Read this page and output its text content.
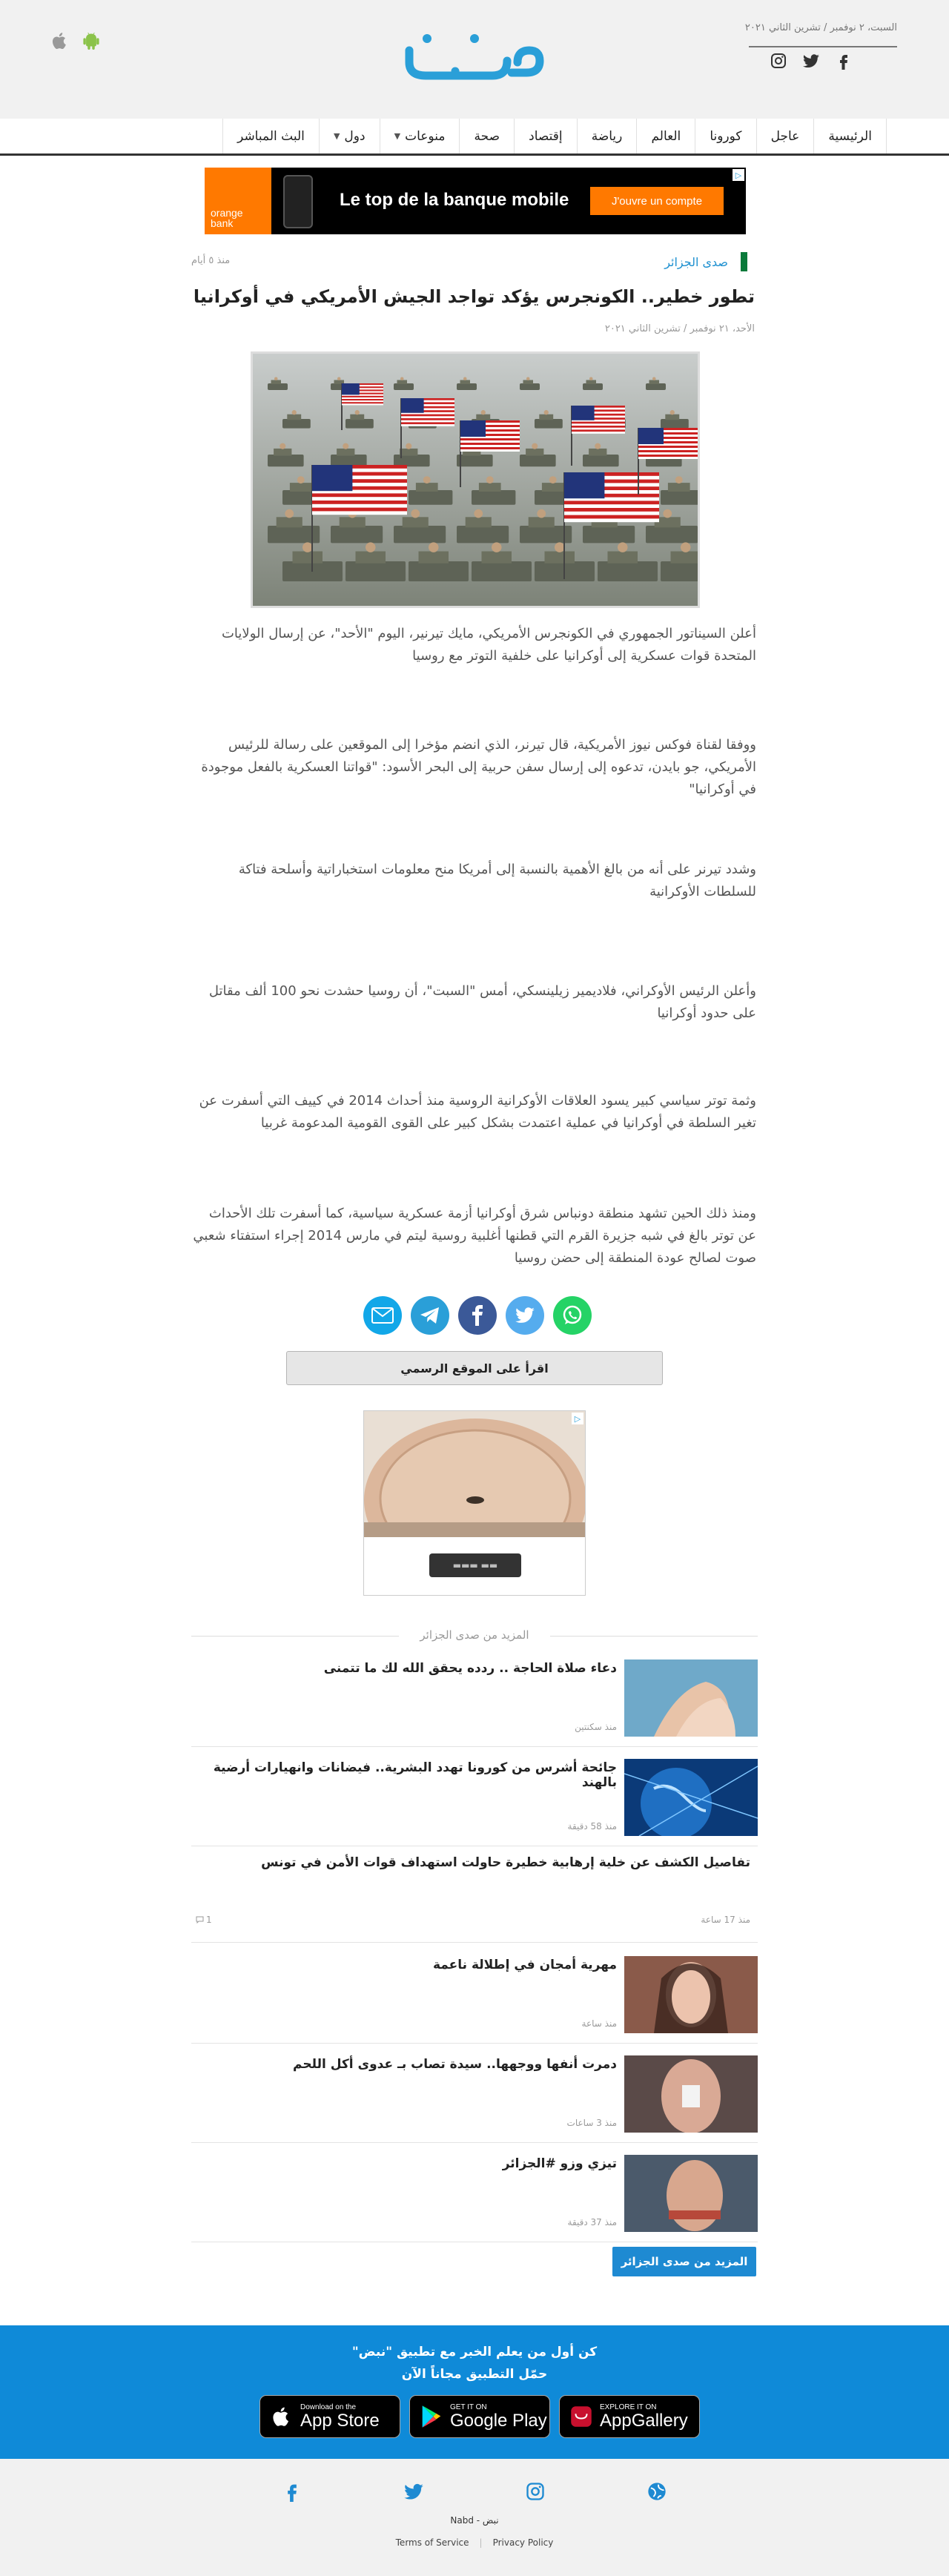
السبت، ٢ نوفمبر / تشرين الثاني ٢٠٢١
الرئيسية
عاجل
كورونا
العالم
رياضة
إقتصاد
صحة
منوعات
▼
دول
▼
البث المباشر
orange
bank
Le top de la banque mobile	J'ouvre un compte
▷
صدى الجزائر
منذ ٥ أيام
تطور خطير.. الكونجرس يؤكد تواجد الجيش الأمريكي في أوكرانيا
الأحد، ٢١ نوفمبر / تشرين الثاني ٢٠٢١

أعلن السيناتور الجمهوري في الكونجرس الأمريكي، مايك تيرنير، اليوم "الأحد"، عن إرسال الولايات المتحدة قوات عسكرية إلى أوكرانيا على خلفية التوتر مع روسيا

ووفقا لقناة فوكس نيوز الأمريكية، قال تيرنر، الذي انضم مؤخرا إلى الموقعين على رسالة للرئيس الأمريكي، جو بايدن، تدعوه إلى إرسال سفن حربية إلى البحر الأسود: "قواتنا العسكرية بالفعل موجودة في أوكرانيا"

وشدد تيرنر على أنه من بالغ الأهمية بالنسبة إلى أمريكا منح معلومات استخباراتية وأسلحة فتاكة للسلطات الأوكرانية

وأعلن الرئيس الأوكراني، فلاديمير زيلينسكي، أمس "السبت"، أن روسيا حشدت نحو 100 ألف مقاتل على حدود أوكرانيا

وثمة توتر سياسي كبير يسود العلاقات الأوكرانية الروسية منذ أحداث 2014 في كييف التي أسفرت عن تغير السلطة في أوكرانيا في عملية اعتمدت بشكل كبير على القوى القومية المدعومة غربيا

ومنذ ذلك الحين تشهد منطقة دونباس شرق أوكرانيا أزمة عسكرية سياسية، كما أسفرت تلك الأحداث عن توتر بالغ في شبه جزيرة القرم التي قطنها أغلبية روسية ليتم في مارس 2014 إجراء استفتاء شعبي صوت لصالح عودة المنطقة إلى حضن روسيا

اقرأ على الموقع الرسمي
▬▬▬ ▬▬
▷
المزيد من صدى الجزائر
دعاء صلاة الحاجة .. ردده يحقق الله لك ما تتمنى
منذ سكنتين
جائحة أشرس من كورونا تهدد البشرية.. فيضانات وانهيارات أرضية بالهند
منذ 58 دقيقة
تفاصيل الكشف عن خلية إرهابية خطيرة حاولت استهداف قوات الأمن في تونس
منذ 17 ساعة
1
مهرية أمجان في إطلالة ناعمة
منذ ساعة
دمرت أنفها ووجهها.. سيدة تصاب بـ عدوى أكل اللحم
منذ 3 ساعات
تيزي وزو #الجزائر
منذ 37 دقيقة
المزيد من صدى الجزائر
كن أول من يعلم الخبر مع تطبيق "نبض"
حمّل التطبيق مجاناً الآن
Download on the
App Store
GET IT ON
Google Play
EXPLORE IT ON
AppGallery
Nabd - نبض
Terms of Service | Privacy Policy
